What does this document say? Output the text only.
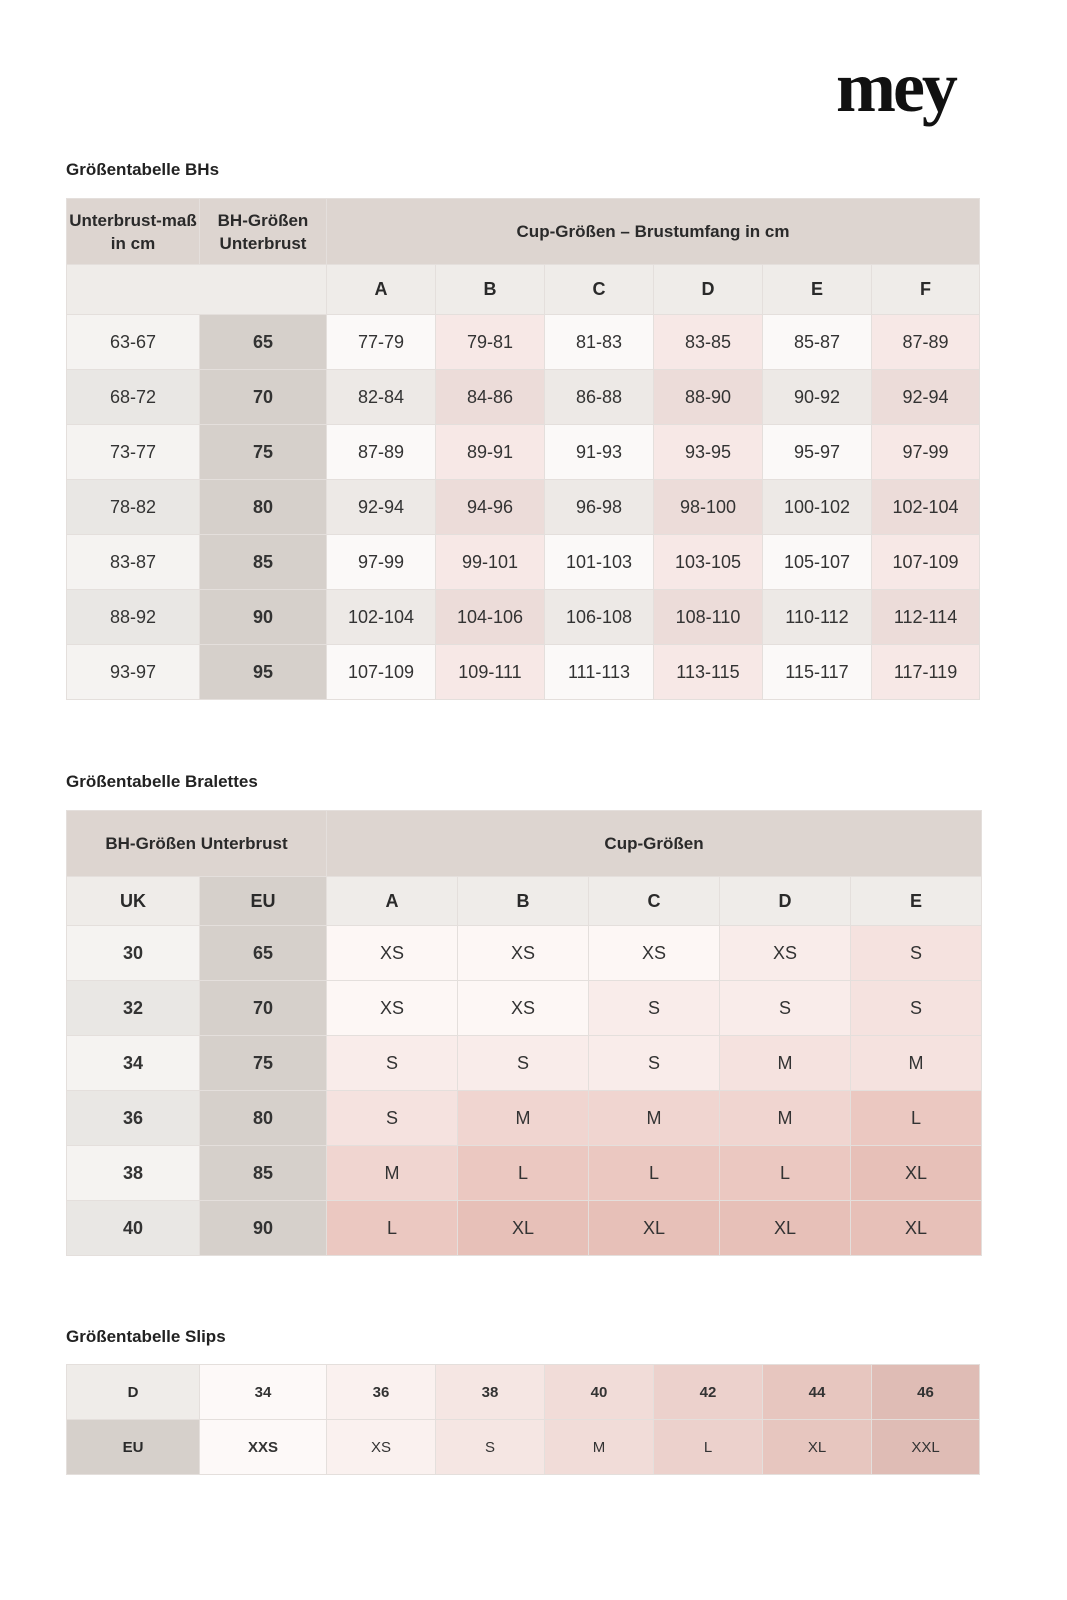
mey
Größentabelle BHs
Unterbrust-maß in cm	BH-Größen Unterbrust	Cup-Größen – Brustumfang in cm					
		A	B	C	D	E	F
63-67	65	77-79	79-81	81-83	83-85	85-87	87-89
68-72	70	82-84	84-86	86-88	88-90	90-92	92-94
73-77	75	87-89	89-91	91-93	93-95	95-97	97-99
78-82	80	92-94	94-96	96-98	98-100	100-102	102-104
83-87	85	97-99	99-101	101-103	103-105	105-107	107-109
88-92	90	102-104	104-106	106-108	108-110	110-112	112-114
93-97	95	107-109	109-111	111-113	113-115	115-117	117-119
Größentabelle Bralettes
BH-Größen Unterbrust		Cup-Größen				
UK	EU	A	B	C	D	E
30	65	XS	XS	XS	XS	S
32	70	XS	XS	S	S	S
34	75	S	S	S	M	M
36	80	S	M	M	M	L
38	85	M	L	L	L	XL
40	90	L	XL	XL	XL	XL
Größentabelle Slips
D	34	36	38	40	42	44	46
EU	XXS	XS	S	M	L	XL	XXL
